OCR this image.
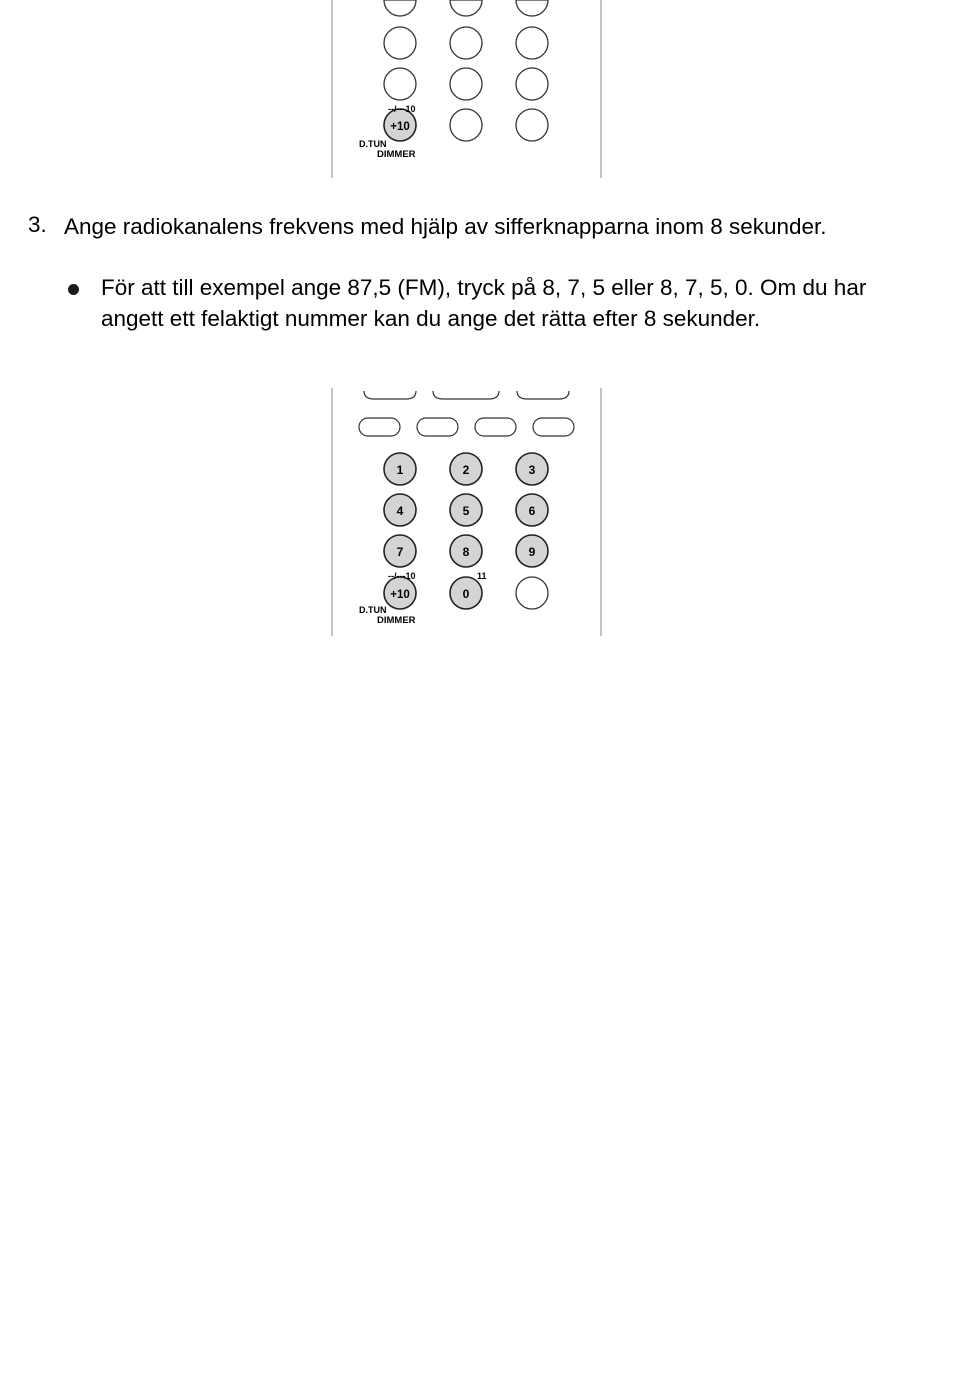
--/---10
+10
D.TUN
DIMMER
3. Ange radiokanalens frekvens med hjälp av sifferknapparna inom 8 sekunder.
För att till exempel ange 87,5 (FM), tryck på 8, 7, 5 eller 8, 7, 5, 0. Om du har angett ett felaktigt nummer kan du ange det rätta efter 8 sekunder.
1	2	3
4	5	6
7	8	9
--/---10	11
+10	0
D.TUN
DIMMER
